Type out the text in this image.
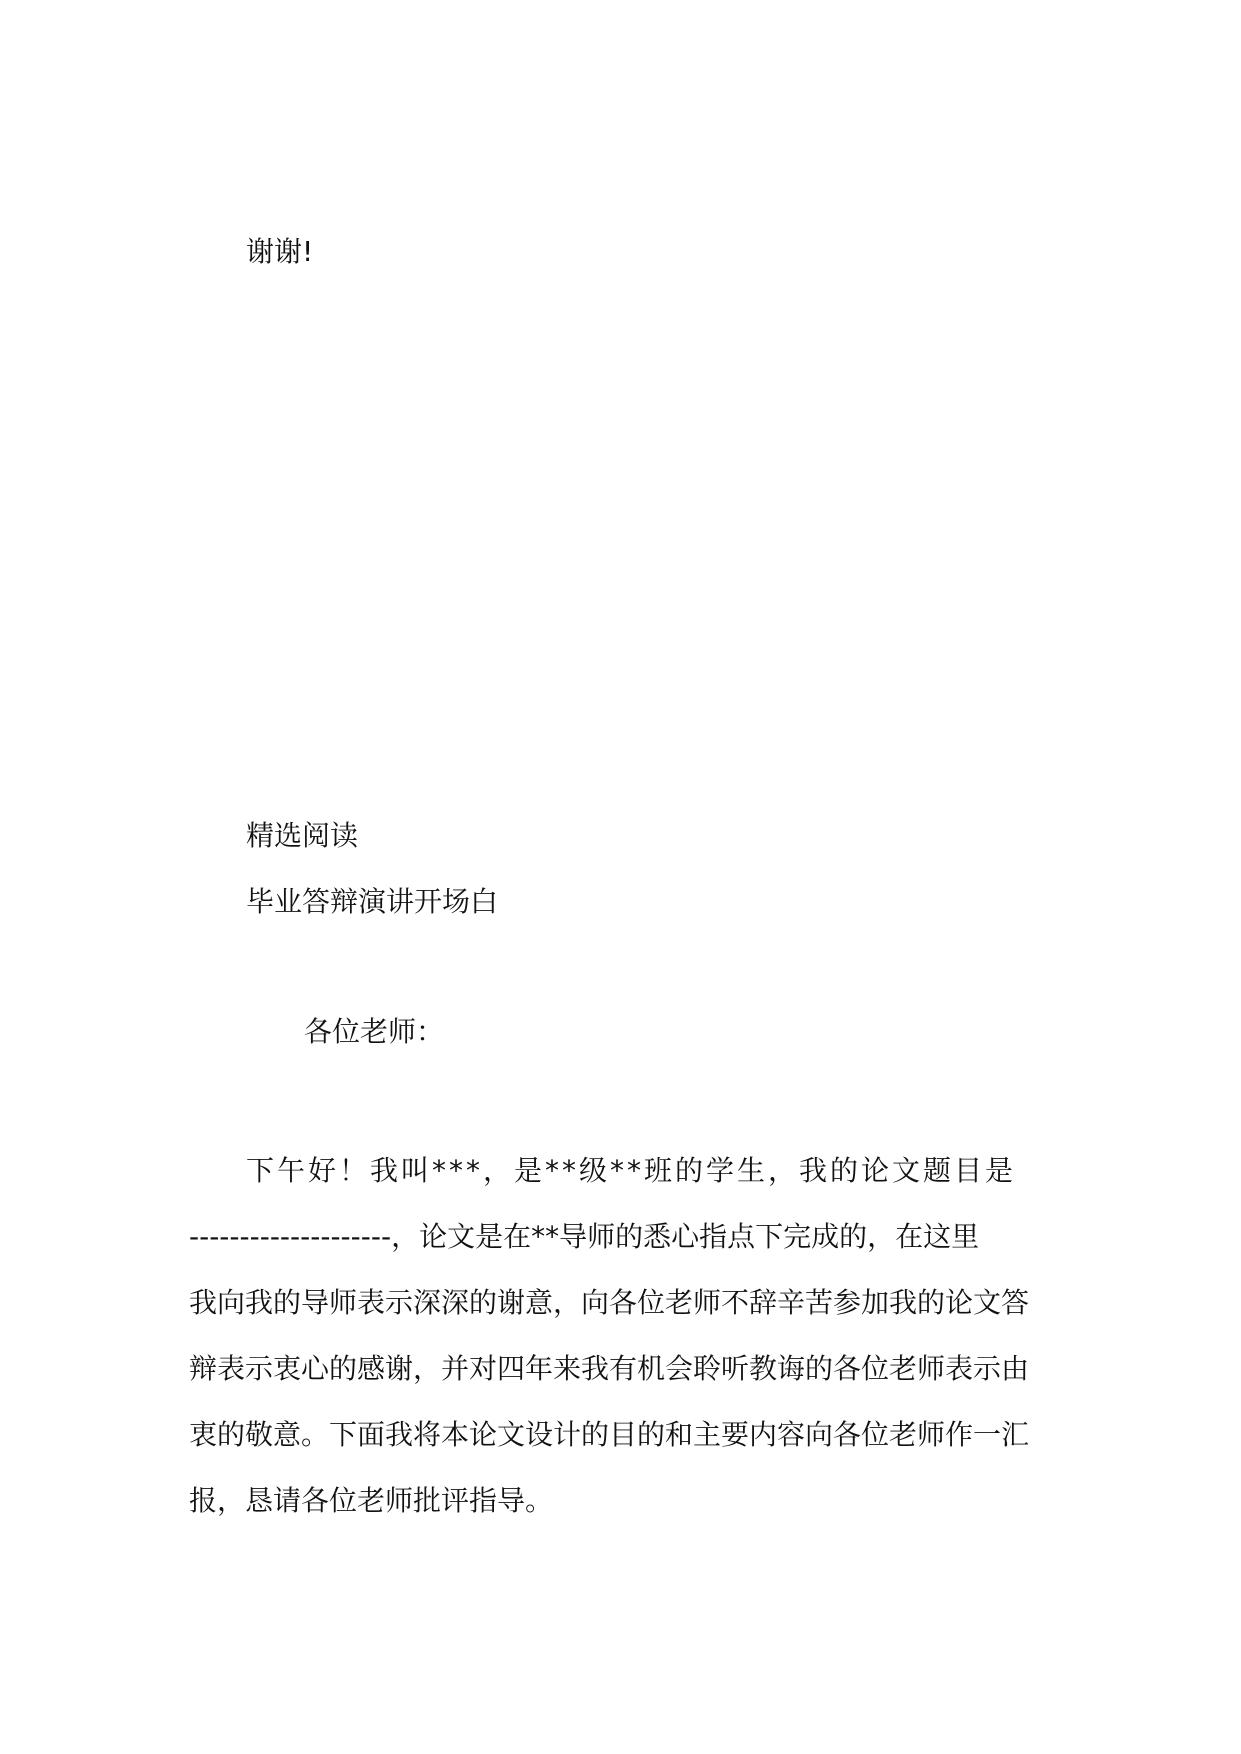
谢谢!
精选阅读
毕业答辩演讲开场白
各位老师：
下午好！我叫***，是**级**班的学生，我的论文题目是
--------------------，论文是在**导师的悉心指点下完成的，在这里
我向我的导师表示深深的谢意，向各位老师不辞辛苦参加我的论文答
辩表示衷心的感谢，并对四年来我有机会聆听教诲的各位老师表示由
衷的敬意。下面我将本论文设计的目的和主要内容向各位老师作一汇
报，恳请各位老师批评指导。
